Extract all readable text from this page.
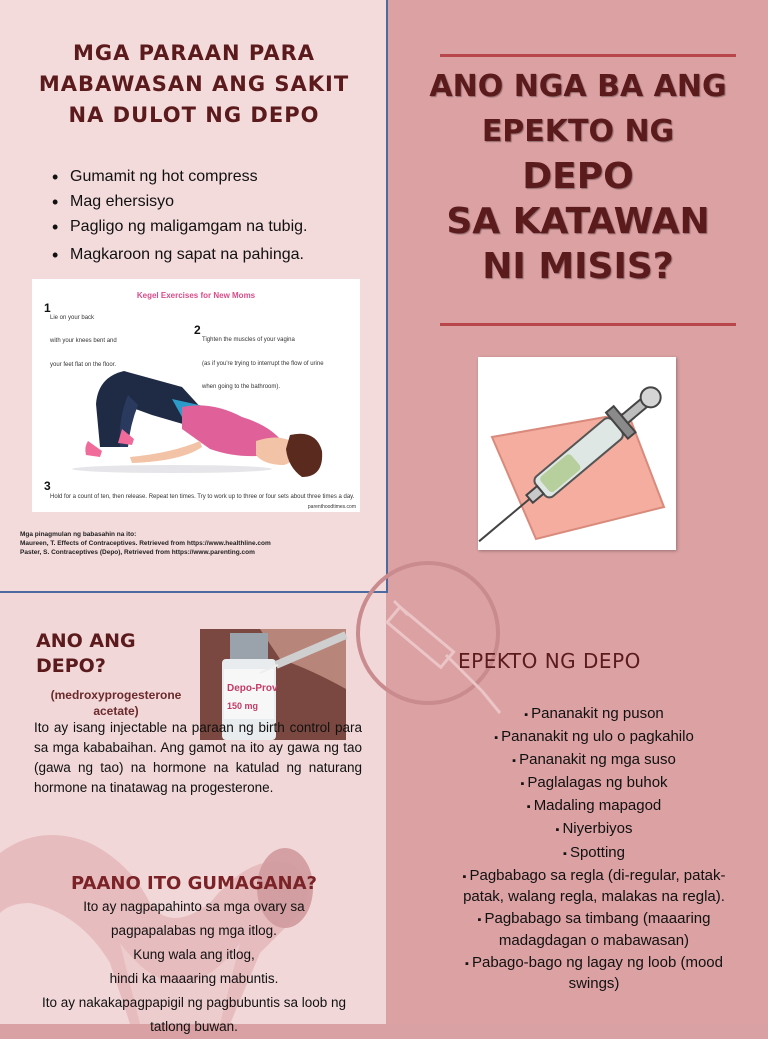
MGA PARAAN PARA
MABAWASAN ANG SAKIT
NA DULOT NG DEPO
• Gumamit ng hot compress
• Mag ehersisyo
• Pagligo ng maligamgam na tubig.
• Magkaroon ng sapat na pahinga.
Kegel Exercises for New Moms
1
Lie on your back
with your knees bent and
your feet flat on the floor.
2
Tighten the muscles of your vagina
(as if you're trying to interrupt the flow of urine
when going to the bathroom).
3
Hold for a count of ten, then release. Repeat ten times. Try to work up to three or four sets about three times a day.
parenthoodtimes.com
Mga pinagmulan ng babasahin na ito:
Maureen, T. Effects of Contraceptives. Retrieved from https://www.healthline.com
Paster, S. Contraceptives (Depo), Retrieved from https://www.parenting.com
ANO NGA BA ANG
EPEKTO NG
DEPO
SA KATAWAN
NI MISIS?
ANO ANG
DEPO?
(medroxyprogesterone acetate)
Depo-Prov
150 mg
Ito ay isang injectable na paraan ng birth control para sa mga kababaihan. Ang gamot na ito ay gawa ng tao (gawa ng tao) na hormone na katulad ng naturang hormone na tinatawag na progesterone.
PAANO ITO GUMAGANA?
Ito ay nagpapahinto sa mga ovary sa
pagpapalabas ng mga itlog.
Kung wala ang itlog,
hindi ka maaaring mabuntis.
Ito ay nakakapagpapigil ng pagbubuntis sa loob ng
tatlong buwan.
EPEKTO NG DEPO
▪ Pananakit ng puson
▪ Pananakit ng ulo o pagkahilo
▪ Pananakit ng mga suso
▪ Paglalagas ng buhok
▪ Madaling mapagod
▪ Niyerbiyos
▪ Spotting
▪ Pagbabago sa regla (di-regular, patak-patak, walang regla, malakas na regla).
▪ Pagbabago sa timbang (maaaring madagdagan o mabawasan)
▪ Pabago-bago ng lagay ng loob (mood swings)
